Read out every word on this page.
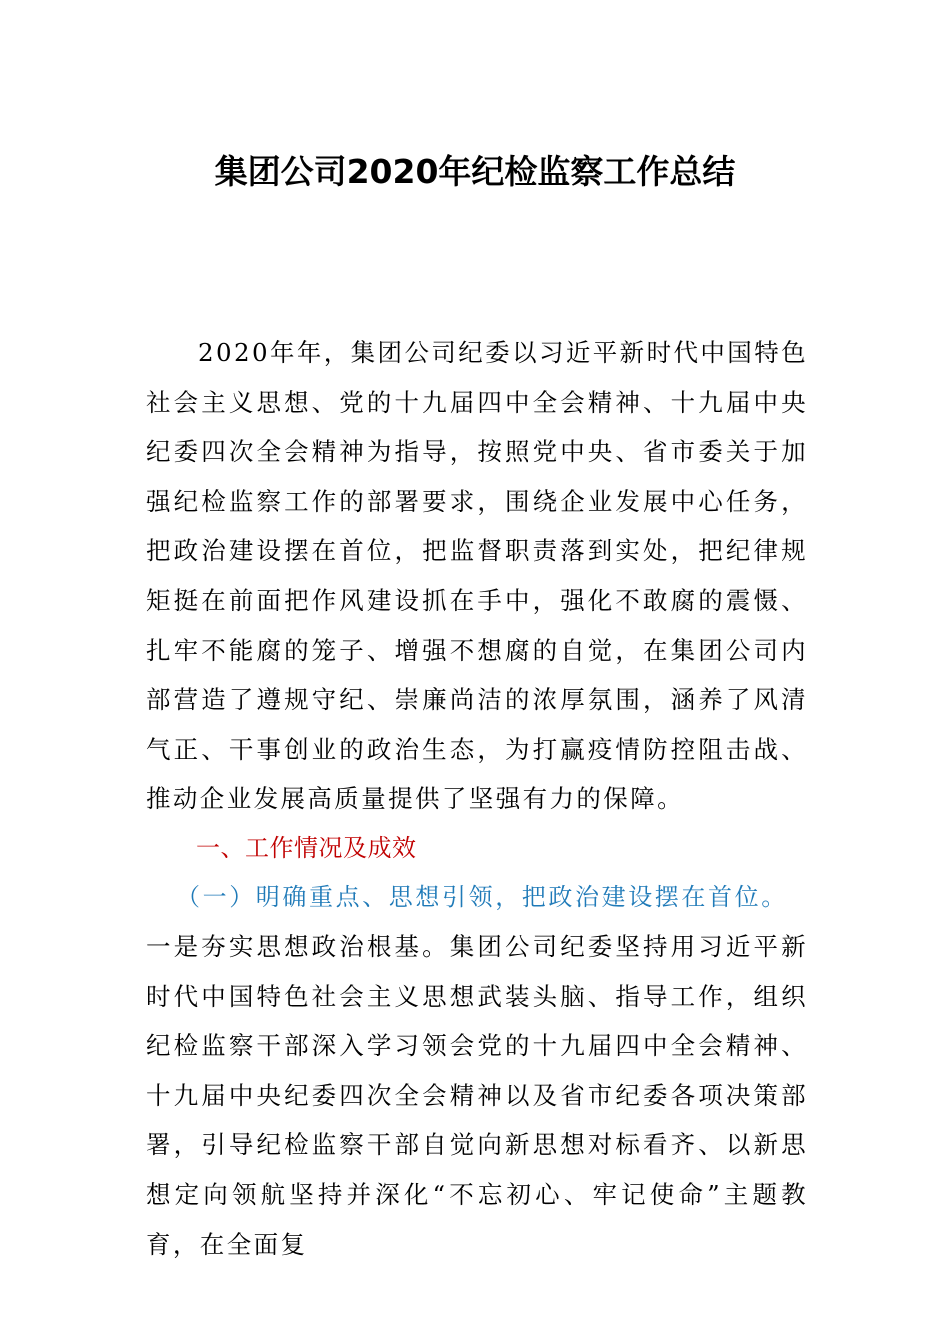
集团公司2020年纪检监察工作总结

2020年年，集团公司纪委以习近平新时代中国特色社会主义思想、党的十九届四中全会精神、十九届中央纪委四次全会精神为指导，按照党中央、省市委关于加强纪检监察工作的部署要求，围绕企业发展中心任务，把政治建设摆在首位，把监督职责落到实处，把纪律规矩挺在前面把作风建设抓在手中，强化不敢腐的震慑、扎牢不能腐的笼子、增强不想腐的自觉，在集团公司内部营造了遵规守纪、崇廉尚洁的浓厚氛围，涵养了风清气正、干事创业的政治生态，为打赢疫情防控阻击战、推动企业发展高质量提供了坚强有力的保障。

一、工作情况及成效
（一）明确重点、思想引领，把政治建设摆在首位。

一是夯实思想政治根基。集团公司纪委坚持用习近平新时代中国特色社会主义思想武装头脑、指导工作，组织纪检监察干部深入学习领会党的十九届四中全会精神、十九届中央纪委四次全会精神以及省市纪委各项决策部署，引导纪检监察干部自觉向新思想对标看齐、以新思想定向领航坚持并深化“不忘初心、牢记使命”主题教育，在全面复
